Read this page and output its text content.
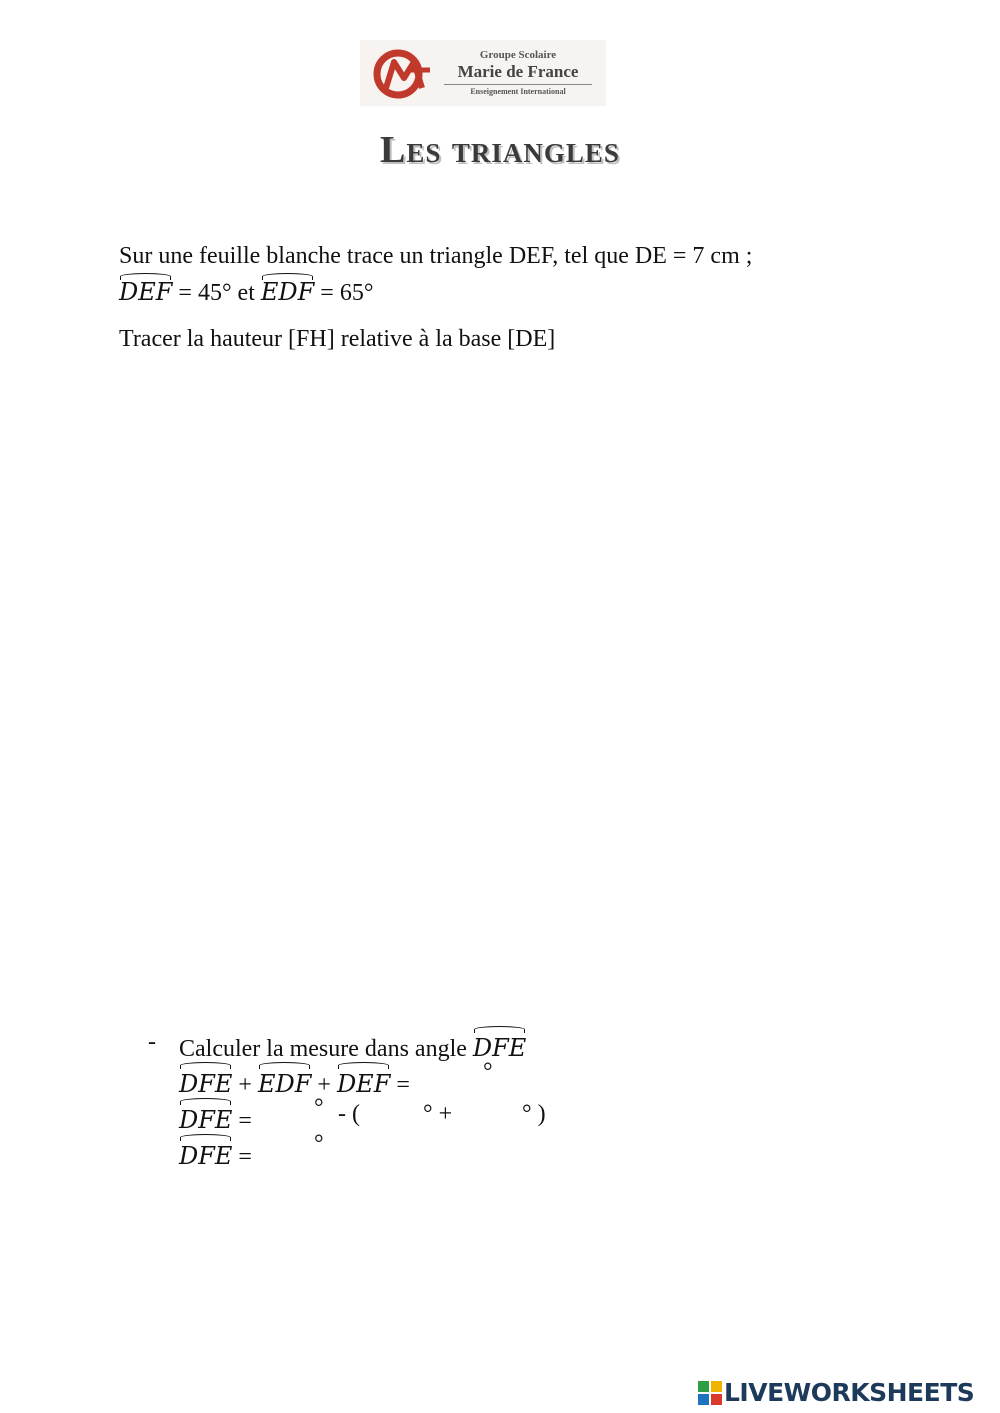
Groupe Scolaire
Marie de France
Enseignement International
Les triangles

Sur une feuille blanche trace un triangle DEF, tel que DE = 7 cm ;
DEF = 45° et EDF = 65°

Tracer la hauteur [FH] relative à la base [DE]

- Calculer la mesure dans angle DFE
DFE + EDF + DEF =	°
DFE =	° - (	° +	° )
DFE =	°
LIVEWORKSHEETS
